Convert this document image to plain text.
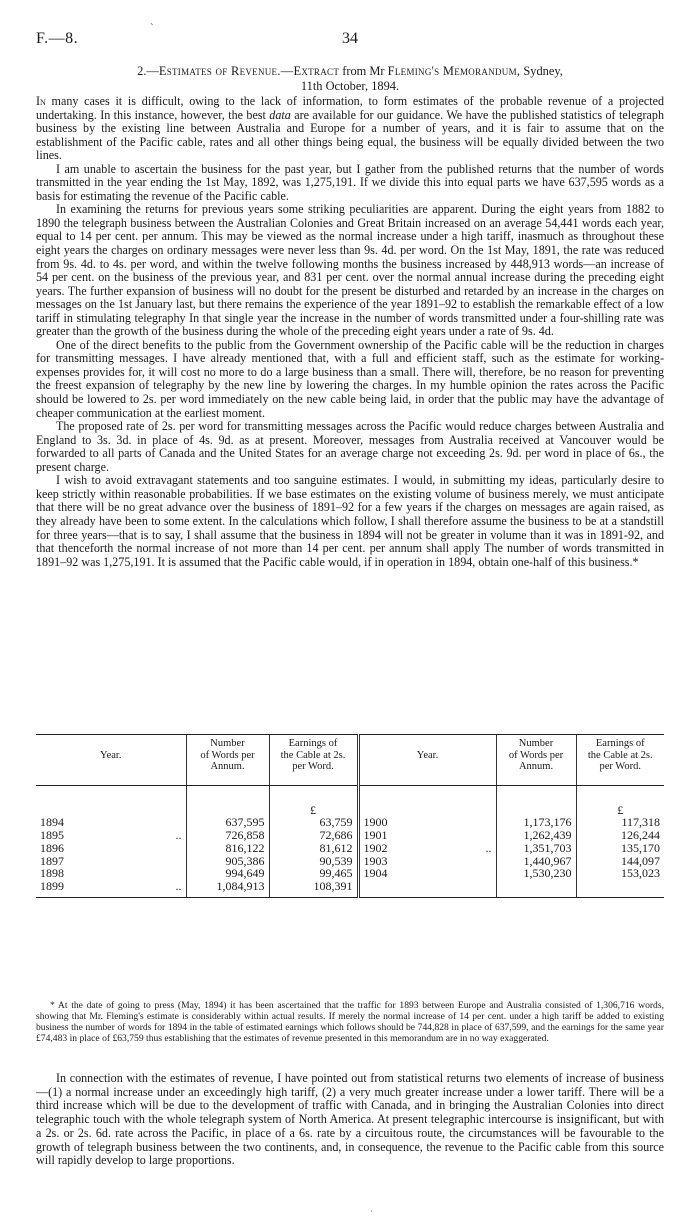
F.—8.
`
34
2.—Estimates of Revenue.—Extract from Mr Fleming's Memorandum, Sydney,
11th October, 1894.

In many cases it is difficult, owing to the lack of information, to form estimates of the probable revenue of a projected undertaking. In this instance, however, the best data are available for our guidance. We have the published statistics of telegraph business by the existing line between Australia and Europe for a number of years, and it is fair to assume that on the establishment of the Pacific cable, rates and all other things being equal, the business will be equally divided between the two lines.

I am unable to ascertain the business for the past year, but I gather from the published returns that the number of words transmitted in the year ending the 1st May, 1892, was 1,275,191. If we divide this into equal parts we have 637,595 words as a basis for estimating the revenue of the Pacific cable.

In examining the returns for previous years some striking peculiarities are apparent. During the eight years from 1882 to 1890 the telegraph business between the Australian Colonies and Great Britain increased on an average 54,441 words each year, equal to 14 per cent. per annum. This may be viewed as the normal increase under a high tariff, inasmuch as throughout these eight years the charges on ordinary messages were never less than 9s. 4d. per word. On the 1st May, 1891, the rate was reduced from 9s. 4d. to 4s. per word, and within the twelve following months the business increased by 448,913 words—an increase of 54 per cent. on the business of the previous year, and 831 per cent. over the normal annual increase during the preceding eight years. The further expansion of business will no doubt for the present be disturbed and retarded by an increase in the charges on messages on the 1st January last, but there remains the experience of the year 1891–92 to establish the remarkable effect of a low tariff in stimulating telegraphy In that single year the increase in the number of words transmitted under a four-shilling rate was greater than the growth of the business during the whole of the preceding eight years under a rate of 9s. 4d.

One of the direct benefits to the public from the Government ownership of the Pacific cable will be the reduction in charges for transmitting messages. I have already mentioned that, with a full and efficient staff, such as the estimate for working-expenses provides for, it will cost no more to do a large business than a small. There will, therefore, be no reason for preventing the freest expansion of telegraphy by the new line by lowering the charges. In my humble opinion the rates across the Pacific should be lowered to 2s. per word immediately on the new cable being laid, in order that the public may have the advantage of cheaper communication at the earliest moment.

The proposed rate of 2s. per word for transmitting messages across the Pacific would reduce charges between Australia and England to 3s. 3d. in place of 4s. 9d. as at present. Moreover, messages from Australia received at Vancouver would be forwarded to all parts of Canada and the United States for an average charge not exceeding 2s. 9d. per word in place of 6s., the present charge.

I wish to avoid extravagant statements and too sanguine estimates. I would, in submitting my ideas, particularly desire to keep strictly within reasonable probabilities. If we base estimates on the existing volume of business merely, we must anticipate that there will be no great advance over the business of 1891–92 for a few years if the charges on messages are again raised, as they already have been to some extent. In the calculations which follow, I shall therefore assume the business to be at a standstill for three years—that is to say, I shall assume that the business in 1894 will not be greater in volume than it was in 1891-92, and that thenceforth the normal increase of not more than 14 per cent. per annum shall apply The number of words transmitted in 1891–92 was 1,275,191. It is assumed that the Pacific cable would, if in operation in 1894, obtain one-half of this business.*

Year.	Number
of Words per
Annum.	Earnings of
the Cable at 2s.
per Word.	Year.	Number
of Words per
Annum.	Earnings of
the Cable at 2s.
per Word.

		£			£
1894	637,595	63,759	1900	1,173,176	117,318
1895 ..	726,858	72,686	1901	1,262,439	126,244
1896	816,122	81,612	1902 ..	1,351,703	135,170
1897	905,386	90,539	1903	1,440,967	144,097
1898	994,649	99,465	1904	1,530,230	153,023
1899 ..	1,084,913	108,391			

* At the date of going to press (May, 1894) it has been ascertained that the traffic for 1893 between Europe and Australia consisted of 1,306,716 words, showing that Mr. Fleming's estimate is considerably within actual results. If merely the normal increase of 14 per cent. under a high tariff be added to existing business the number of words for 1894 in the table of estimated earnings which follows should be 744,828 in place of 637,599, and the earnings for the same year £74,483 in place of £63,759 thus establishing that the estimates of revenue presented in this memorandum are in no way exaggerated.

In connection with the estimates of revenue, I have pointed out from statistical returns two elements of increase of business—(1) a normal increase under an exceedingly high tariff, (2) a very much greater increase under a lower tariff. There will be a third increase which will be due to the development of traffic with Canada, and in bringing the Australian Colonies into direct telegraphic touch with the whole telegraph system of North America. At present telegraphic intercourse is insignificant, but with a 2s. or 2s. 6d. rate across the Pacific, in place of a 6s. rate by a circuitous route, the circumstances will be favourable to the growth of telegraph business between the two continents, and, in consequence, the revenue to the Pacific cable from this source will rapidly develop to large proportions.

·
